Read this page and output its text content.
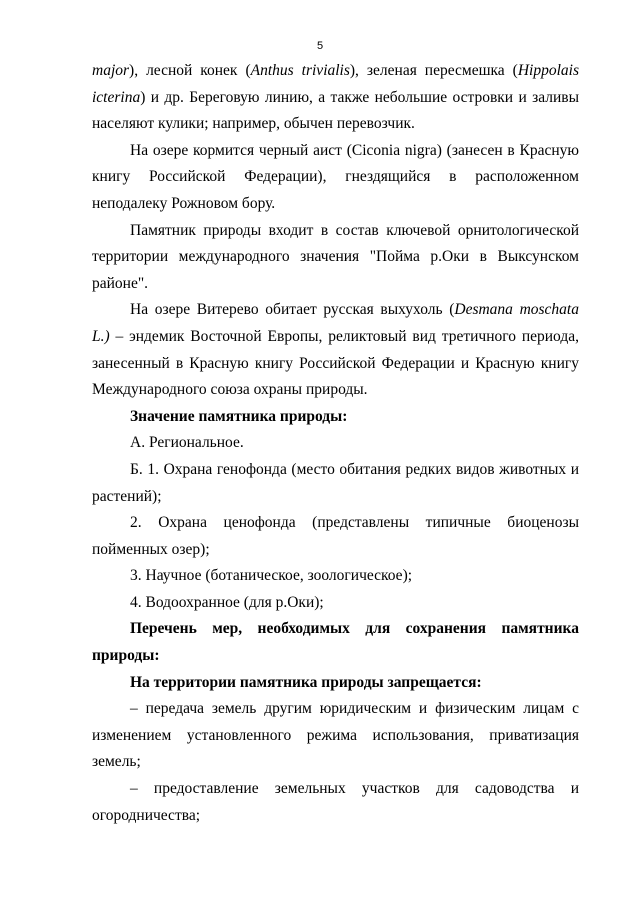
5

major), лесной конек (Anthus trivialis), зеленая пересмешка (Hippolais icterina) и др. Береговую линию, а также небольшие островки и заливы населяют кулики; например, обычен перевозчик.

На озере кормится черный аист (Ciconia nigra) (занесен в Красную книгу Российской Федерации), гнездящийся в расположенном неподалеку Рожновом бору.

Памятник природы входит в состав ключевой орнитологической территории международного значения "Пойма р.Оки в Выксунском районе".

На озере Витерево обитает русская выхухоль (Desmana moschata L.) – эндемик Восточной Европы, реликтовый вид третичного периода, занесенный в Красную книгу Российской Федерации и Красную книгу Международного союза охраны природы.

Значение памятника природы:

А. Региональное.

Б. 1. Охрана генофонда (место обитания редких видов животных и растений);

2. Охрана ценофонда (представлены типичные биоценозы пойменных озер);

3. Научное (ботаническое, зоологическое);

4. Водоохранное (для р.Оки);

Перечень мер, необходимых для сохранения памятника природы:

На территории памятника природы запрещается:

– передача земель другим юридическим и физическим лицам с изменением установленного режима использования, приватизация земель;

– предоставление земельных участков для садоводства и огородничества;
